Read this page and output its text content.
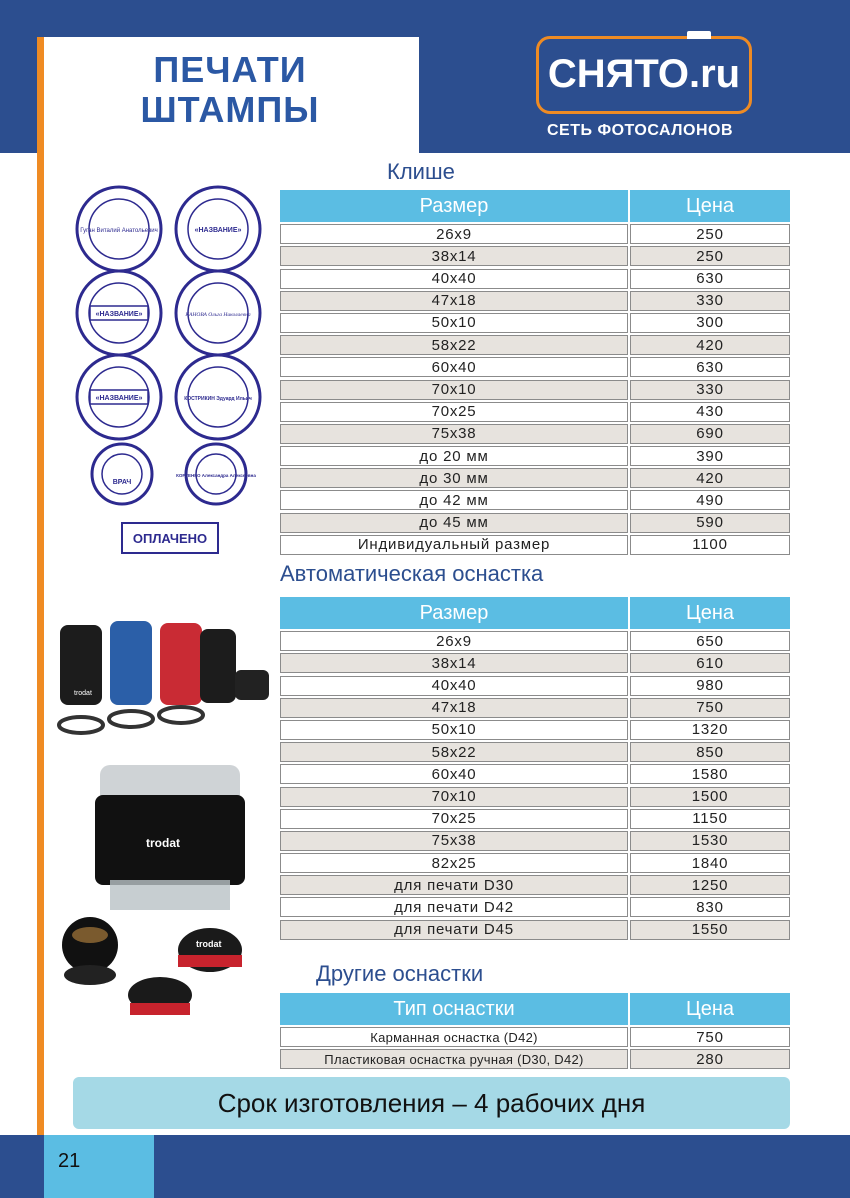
ПЕЧАТИ
ШТАМПЫ
СНЯТО.ru
СЕТЬ ФОТОСАЛОНОВ
Гуган Виталий Анатольевич	«НАЗВАНИЕ»
«НАЗВАНИЕ»	КАНОВА Ольга Николаевна
«НАЗВАНИЕ»	КОСТРИКИН Эдуард Ильич
ВРАЧ
КОРТЕНКО Александра Алексеевна
ОПЛАЧЕНО
trodat
trodat
trodat
Клише
Размер	Цена
26х9	250
38х14	250
40х40	630
47х18	330
50х10	300
58х22	420
60х40	630
70х10	330
70х25	430
75х38	690
до 20 мм	390
до 30 мм	420
до 42 мм	490
до 45 мм	590
Индивидуальный размер	1100
Автоматическая оснастка
Размер	Цена
26х9	650
38х14	610
40х40	980
47х18	750
50х10	1320
58х22	850
60х40	1580
70х10	1500
70х25	1150
75х38	1530
82х25	1840
для печати D30	1250
для печати D42	830
для печати D45	1550
Другие оснастки
Тип оснастки	Цена
Карманная оснастка (D42)	750
Пластиковая оснастка ручная (D30, D42)	280
Срок изготовления – 4 рабочих дня
21
